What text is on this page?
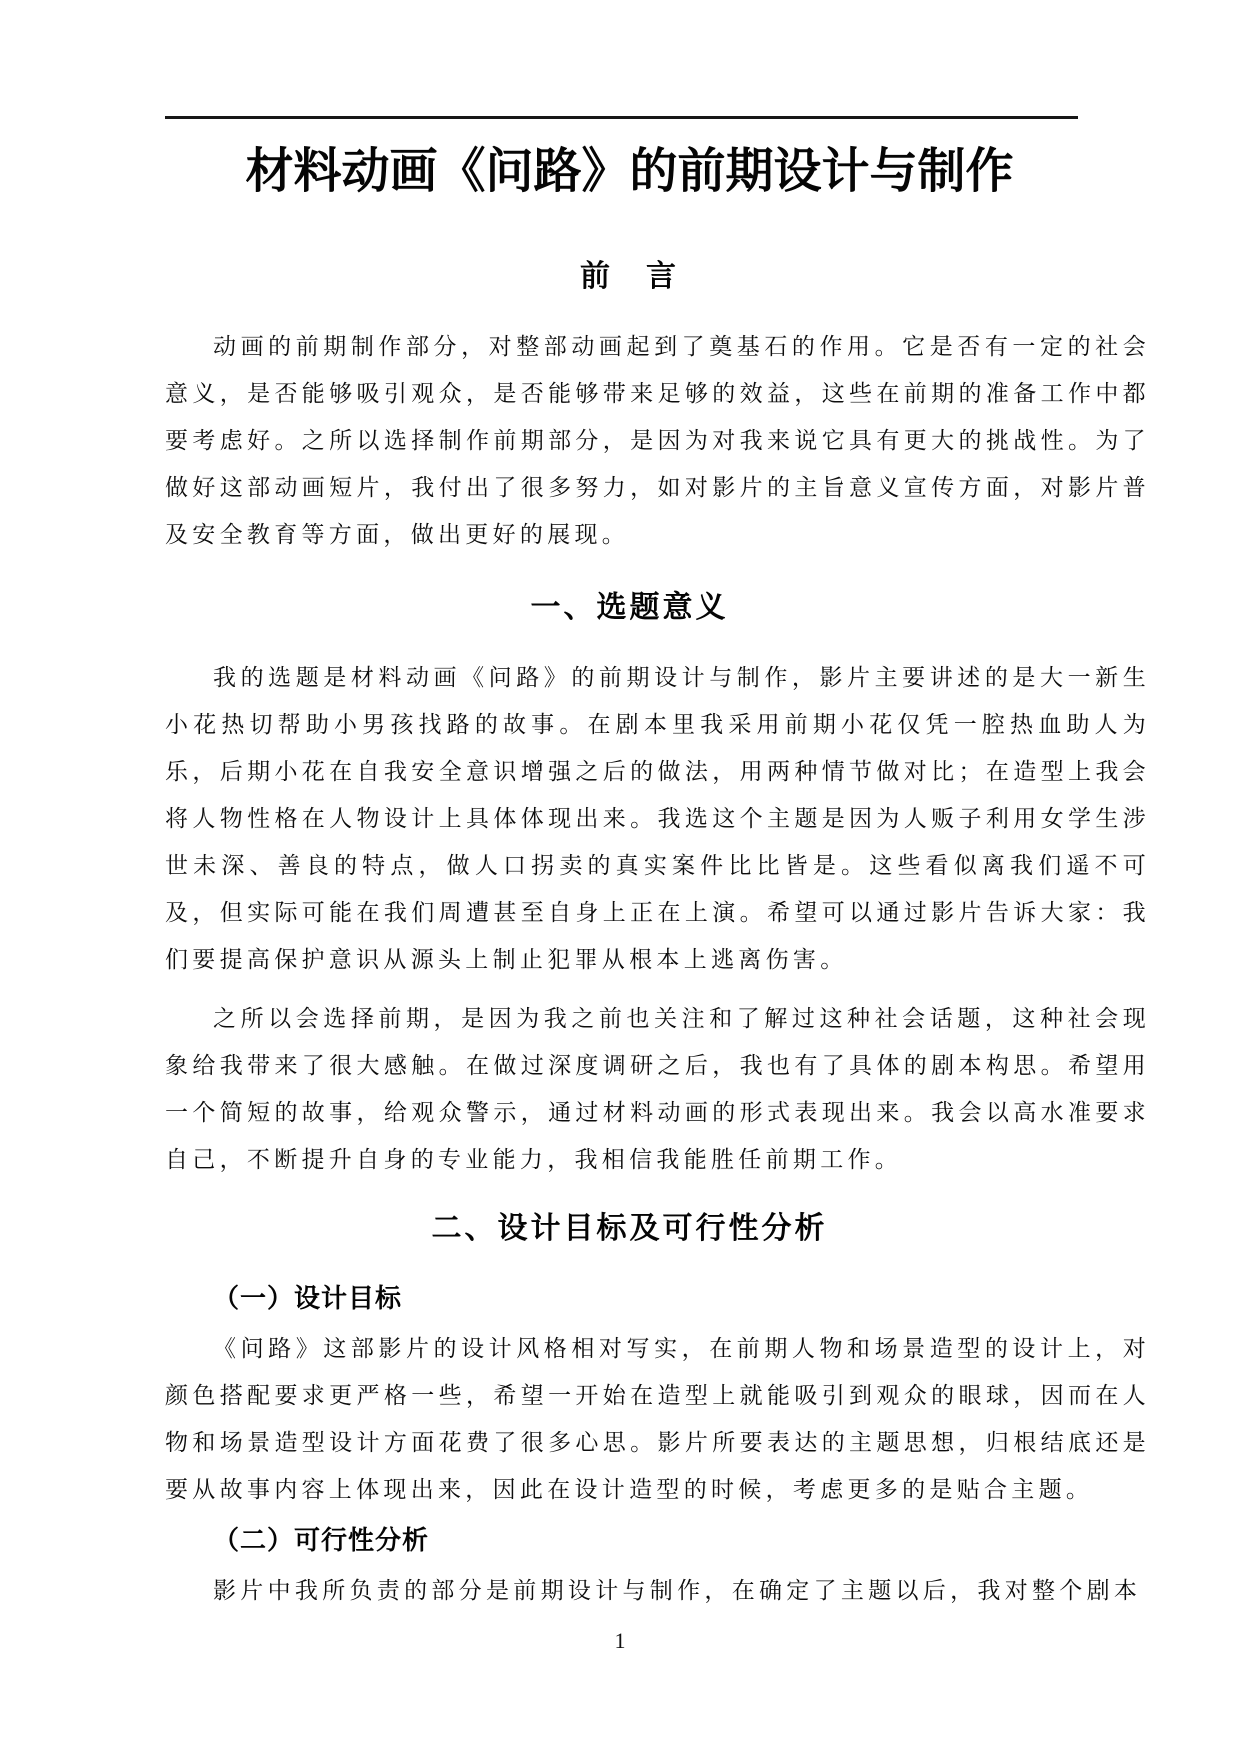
材料动画《问路》的前期设计与制作
前　言

动画的前期制作部分，对整部动画起到了奠基石的作用。它是否有一定的社会意义，是否能够吸引观众，是否能够带来足够的效益，这些在前期的准备工作中都要考虑好。之所以选择制作前期部分，是因为对我来说它具有更大的挑战性。为了做好这部动画短片，我付出了很多努力，如对影片的主旨意义宣传方面，对影片普及安全教育等方面，做出更好的展现。

一、选题意义

我的选题是材料动画《问路》的前期设计与制作，影片主要讲述的是大一新生小花热切帮助小男孩找路的故事。在剧本里我采用前期小花仅凭一腔热血助人为乐，后期小花在自我安全意识增强之后的做法，用两种情节做对比；在造型上我会将人物性格在人物设计上具体体现出来。我选这个主题是因为人贩子利用女学生涉世未深、善良的特点，做人口拐卖的真实案件比比皆是。这些看似离我们遥不可及，但实际可能在我们周遭甚至自身上正在上演。希望可以通过影片告诉大家：我们要提高保护意识从源头上制止犯罪从根本上逃离伤害。

之所以会选择前期，是因为我之前也关注和了解过这种社会话题，这种社会现象给我带来了很大感触。在做过深度调研之后，我也有了具体的剧本构思。希望用一个简短的故事，给观众警示，通过材料动画的形式表现出来。我会以高水准要求自己，不断提升自身的专业能力，我相信我能胜任前期工作。

二、设计目标及可行性分析
（一）设计目标

《问路》这部影片的设计风格相对写实，在前期人物和场景造型的设计上，对颜色搭配要求更严格一些，希望一开始在造型上就能吸引到观众的眼球，因而在人物和场景造型设计方面花费了很多心思。影片所要表达的主题思想，归根结底还是要从故事内容上体现出来，因此在设计造型的时候，考虑更多的是贴合主题。

（二）可行性分析

影片中我所负责的部分是前期设计与制作，在确定了主题以后，我对整个剧本

1
